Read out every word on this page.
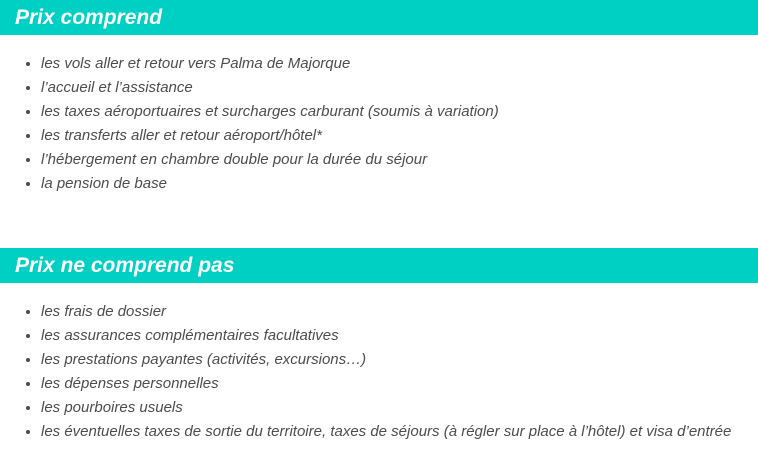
Prix comprend
• les vols aller et retour vers Palma de Majorque
• l’accueil et l’assistance
• les taxes aéroportuaires et surcharges carburant (soumis à variation)
• les transferts aller et retour aéroport/hôtel*
• l’hébergement en chambre double pour la durée du séjour
• la pension de base
Prix ne comprend pas
• les frais de dossier
• les assurances complémentaires facultatives
• les prestations payantes (activités, excursions…)
• les dépenses personnelles
• les pourboires usuels
• les éventuelles taxes de sortie du territoire, taxes de séjours (à régler sur place à l’hôtel) et visa d’entrée
